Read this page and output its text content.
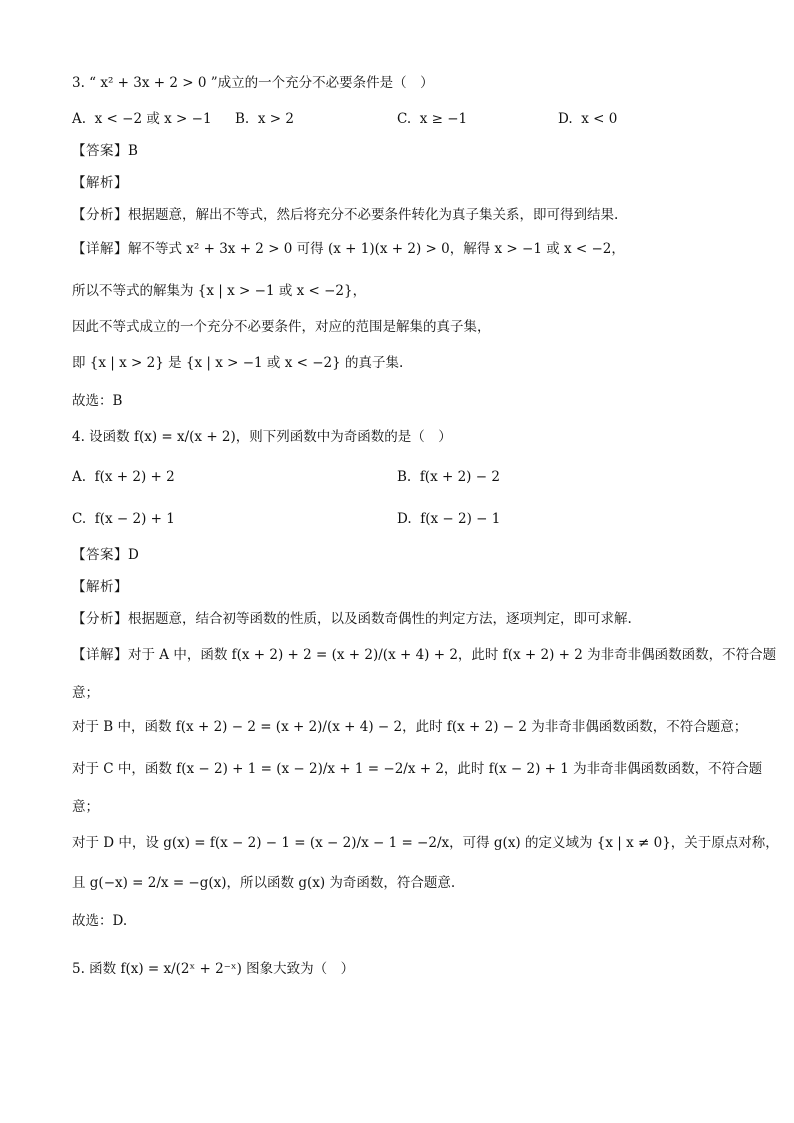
3. “ x² + 3x + 2 > 0 ”成立的一个充分不必要条件是（　）
A. x < −2 或 x > −1 B. x > 2	C. x ≥ −1	D. x < 0
【 答案 】 B
【 解析 】
【 分析 】 根据题意，解出不等式，然后将充分不必要条件转化为真子集关系，即可得到结果.
【 详解 】 解不等式 x² + 3x + 2 > 0 可得 (x + 1)(x + 2) > 0，解得 x > −1 或 x < −2，
所以不等式的解集为 {x | x > −1 或 x < −2}，
因此不等式成立的一个充分不必要条件，对应的范围是解集的真子集，
即 {x | x > 2} 是 {x | x > −1 或 x < −2} 的真子集.
故选：B
4. 设函数 f(x) = x/(x + 2)，则下列函数中为奇函数的是（　）
A. f(x + 2) + 2	B. f(x + 2) − 2
C. f(x − 2) + 1	D. f(x − 2) − 1
【 答案 】 D
【 解析 】
【 分析 】 根据题意，结合初等函数的性质，以及函数奇偶性的判定方法，逐项判定，即可求解.
【 详解 】 对于 A 中，函数 f(x + 2) + 2 = (x + 2)/(x + 4) + 2，此时 f(x + 2) + 2 为非奇非偶函数函数，不符合题
意；
对于 B 中，函数 f(x + 2) − 2 = (x + 2)/(x + 4) − 2，此时 f(x + 2) − 2 为非奇非偶函数函数，不符合题意；
对于 C 中，函数 f(x − 2) + 1 = (x − 2)/x + 1 = −2/x + 2，此时 f(x − 2) + 1 为非奇非偶函数函数，不符合题
意；
对于 D 中，设 g(x) = f(x − 2) − 1 = (x − 2)/x − 1 = −2/x，可得 g(x) 的定义域为 {x | x ≠ 0}，关于原点对称，
且 g(−x) = 2/x = −g(x)，所以函数 g(x) 为奇函数，符合题意.
故选：D.
5. 函数 f(x) = x/(2ˣ + 2⁻ˣ) 图象大致为（　）
